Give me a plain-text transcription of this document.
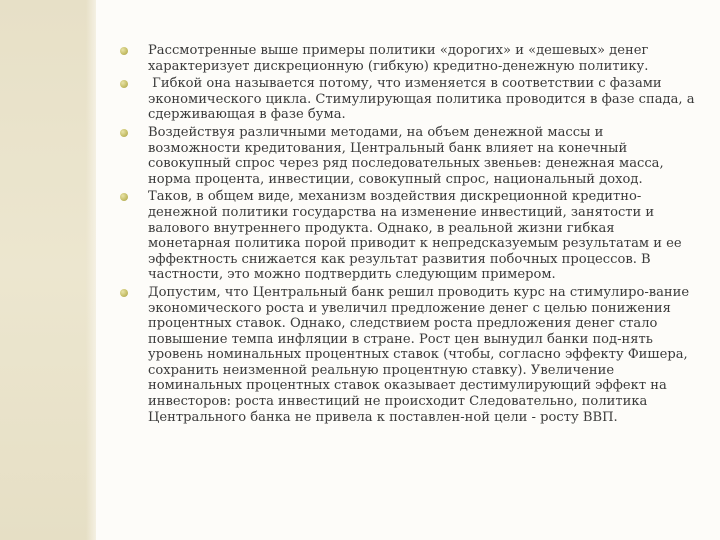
Рассмотренные выше примеры политики «дорогих» и «дешевых» денег характеризует дискреционную (гибкую) кредитно-денежную политику.
Гибкой она называется потому, что изменяется в соответствии с фазами экономического цикла. Стимулирующая политика проводится в фазе спада, а сдерживающая в фазе бума.
Воздействуя различными методами, на объем денежной массы и возможности кредитования, Центральный банк влияет на конечный совокупный спрос через ряд последовательных звеньев: денежная масса, норма процента, инвестиции, совокупный спрос, национальный доход.
Таков, в общем виде, механизм воздействия дискреционной кредитно-денежной политики государства на изменение инвестиций, занятости и валового внутреннего продукта. Однако, в реальной жизни гибкая монетарная политика порой приводит к непредсказуемым результатам и ее эффектность снижается как результат развития побочных процессов. В частности, это можно подтвердить следующим примером.
Допустим, что Центральный банк решил проводить курс на стимулиро-вание экономического роста и увеличил предложение денег с целью понижения процентных ставок. Однако, следствием роста предложения денег стало повышение темпа инфляции в стране. Рост цен вынудил банки под-нять уровень номинальных процентных ставок (чтобы, согласно эффекту Фишера, сохранить неизменной реальную процентную ставку). Увеличение номинальных процентных ставок оказывает дестимулирующий эффект на инвесторов: роста инвестиций не происходит Следовательно, политика Центрального банка не привела к поставлен-ной цели - росту ВВП.
